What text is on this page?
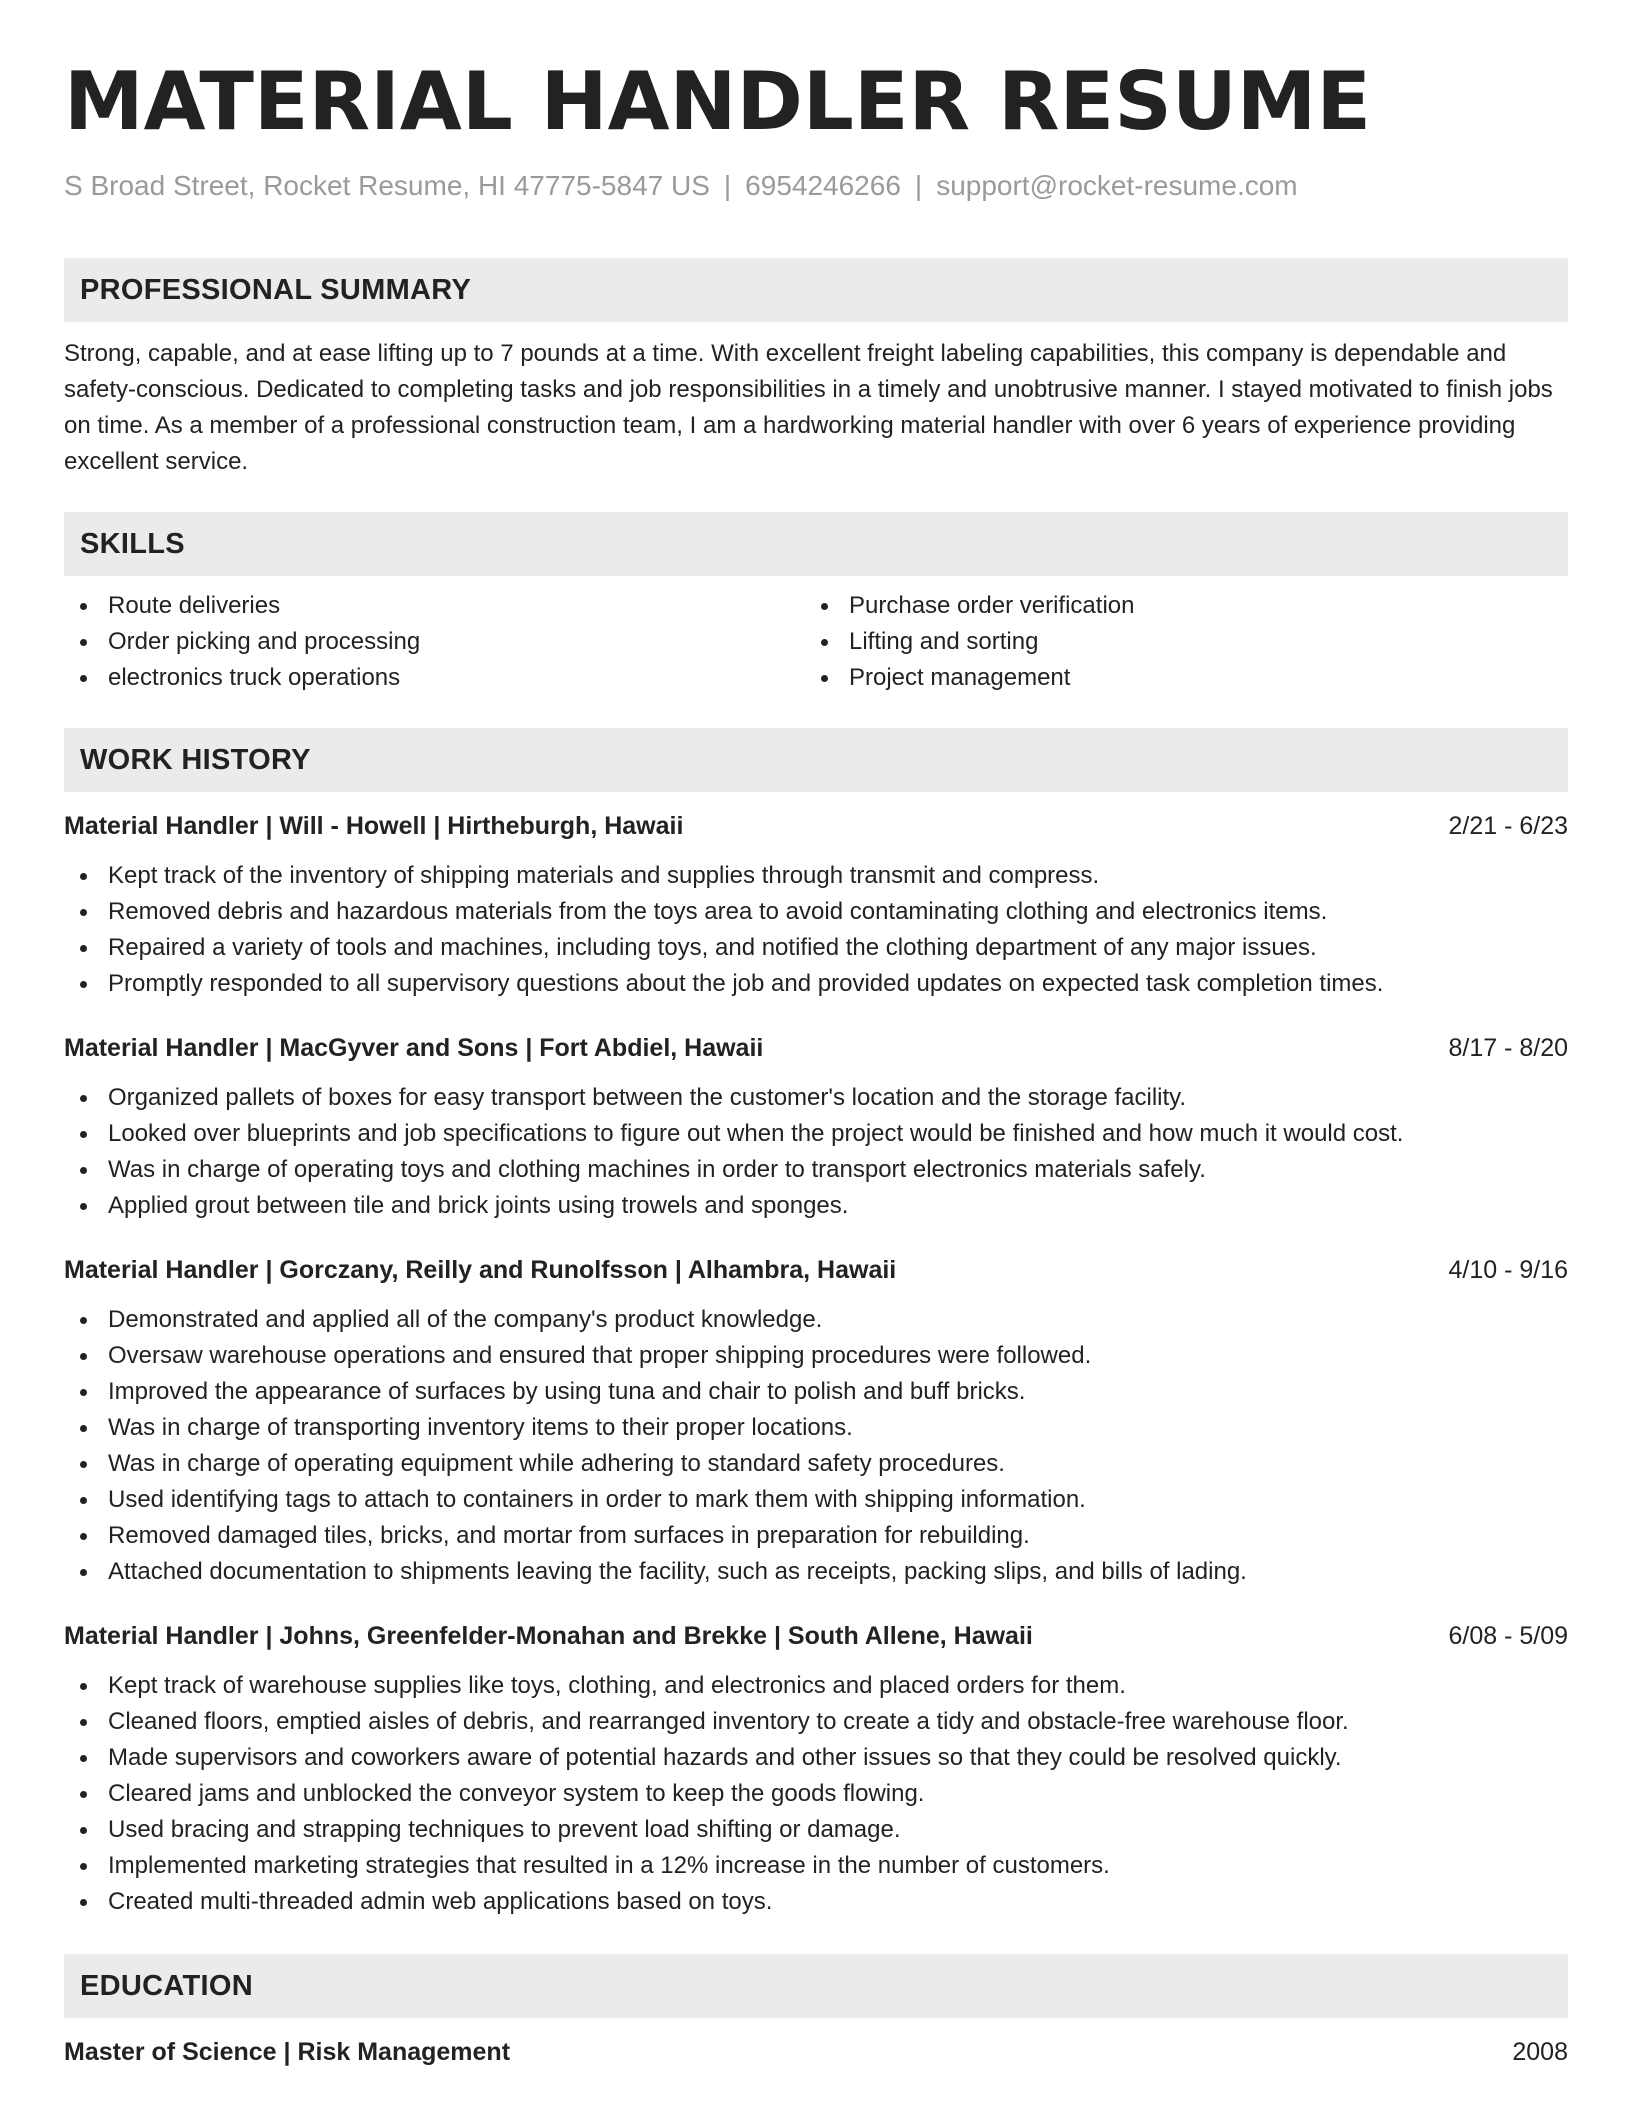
MATERIAL HANDLER RESUME
S Broad Street, Rocket Resume, HI 47775-5847 US | 6954246266 | support@rocket-resume.com
PROFESSIONAL SUMMARY
Strong, capable, and at ease lifting up to 7 pounds at a time. With excellent freight labeling capabilities, this company is dependable and safety-conscious. Dedicated to completing tasks and job responsibilities in a timely and unobtrusive manner. I stayed motivated to finish jobs on time. As a member of a professional construction team, I am a hardworking material handler with over 6 years of experience providing excellent service.
SKILLS
Route deliveries
Order picking and processing
electronics truck operations
Purchase order verification
Lifting and sorting
Project management
WORK HISTORY
Material Handler | Will - Howell | Hirtheburgh, Hawaii	2/21 - 6/23
Kept track of the inventory of shipping materials and supplies through transmit and compress.
Removed debris and hazardous materials from the toys area to avoid contaminating clothing and electronics items.
Repaired a variety of tools and machines, including toys, and notified the clothing department of any major issues.
Promptly responded to all supervisory questions about the job and provided updates on expected task completion times.
Material Handler | MacGyver and Sons | Fort Abdiel, Hawaii	8/17 - 8/20
Organized pallets of boxes for easy transport between the customer's location and the storage facility.
Looked over blueprints and job specifications to figure out when the project would be finished and how much it would cost.
Was in charge of operating toys and clothing machines in order to transport electronics materials safely.
Applied grout between tile and brick joints using trowels and sponges.
Material Handler | Gorczany, Reilly and Runolfsson | Alhambra, Hawaii	4/10 - 9/16
Demonstrated and applied all of the company's product knowledge.
Oversaw warehouse operations and ensured that proper shipping procedures were followed.
Improved the appearance of surfaces by using tuna and chair to polish and buff bricks.
Was in charge of transporting inventory items to their proper locations.
Was in charge of operating equipment while adhering to standard safety procedures.
Used identifying tags to attach to containers in order to mark them with shipping information.
Removed damaged tiles, bricks, and mortar from surfaces in preparation for rebuilding.
Attached documentation to shipments leaving the facility, such as receipts, packing slips, and bills of lading.
Material Handler | Johns, Greenfelder-Monahan and Brekke | South Allene, Hawaii	6/08 - 5/09
Kept track of warehouse supplies like toys, clothing, and electronics and placed orders for them.
Cleaned floors, emptied aisles of debris, and rearranged inventory to create a tidy and obstacle-free warehouse floor.
Made supervisors and coworkers aware of potential hazards and other issues so that they could be resolved quickly.
Cleared jams and unblocked the conveyor system to keep the goods flowing.
Used bracing and strapping techniques to prevent load shifting or damage.
Implemented marketing strategies that resulted in a 12% increase in the number of customers.
Created multi-threaded admin web applications based on toys.
EDUCATION
Master of Science | Risk Management	2008
